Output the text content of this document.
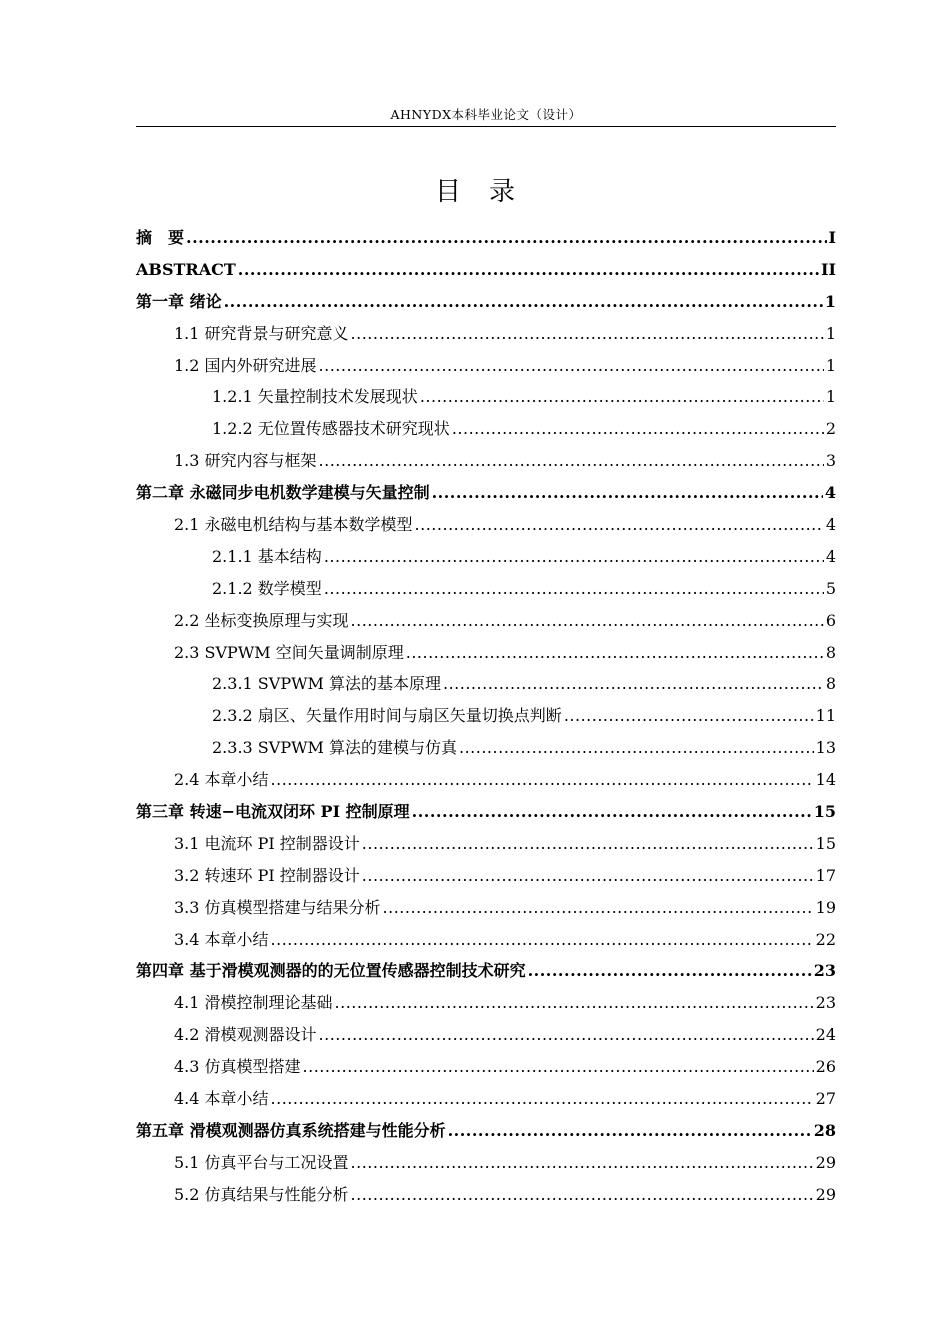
AHNYDX本科毕业论文（设计）
目录
摘　要 .....	I
ABSTRACT .....	II
第一章 绪论 .....	1
1.1 研究背景与研究意义 .....	1
1.2 国内外研究进展 .....	1
1.2.1 矢量控制技术发展现状 .....	1
1.2.2 无位置传感器技术研究现状 .....	2
1.3 研究内容与框架 .....	3
第二章 永磁同步电机数学建模与矢量控制 .....	4
2.1 永磁电机结构与基本数学模型 .....	4
2.1.1 基本结构 .....	4
2.1.2 数学模型 .....	5
2.2 坐标变换原理与实现 .....	6
2.3 SVPWM 空间矢量调制原理 .....	8
2.3.1 SVPWM 算法的基本原理 .....	8
2.3.2 扇区、矢量作用时间与扇区矢量切换点判断 .....	11
2.3.3 SVPWM 算法的建模与仿真 .....	13
2.4 本章小结 .....	14
第三章 转速−电流双闭环 PI 控制原理 .....	15
3.1 电流环 PI 控制器设计 .....	15
3.2 转速环 PI 控制器设计 .....	17
3.3 仿真模型搭建与结果分析 .....	19
3.4 本章小结 .....	22
第四章 基于滑模观测器的的无位置传感器控制技术研究 .....	23
4.1 滑模控制理论基础 .....	23
4.2 滑模观测器设计 .....	24
4.3 仿真模型搭建 .....	26
4.4 本章小结 .....	27
第五章 滑模观测器仿真系统搭建与性能分析 .....	28
5.1 仿真平台与工况设置 .....	29
5.2 仿真结果与性能分析 .....	29
